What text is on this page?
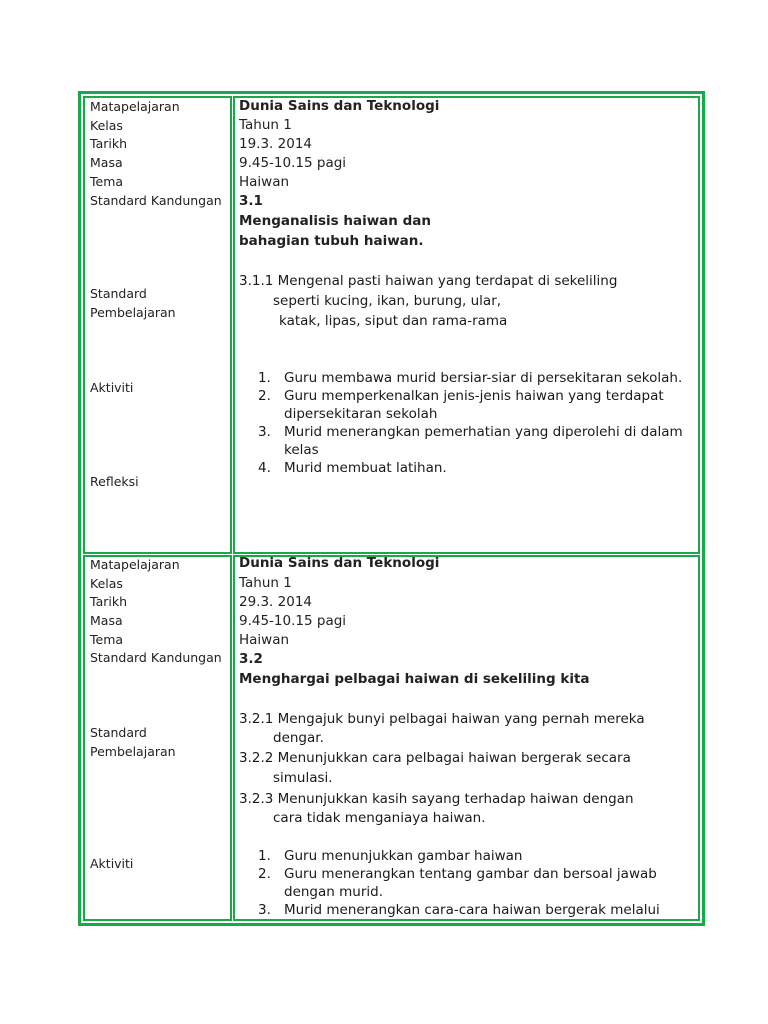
Matapelajaran
Kelas
Tarikh
Masa
Tema
Standard Kandungan
Standard
Pembelajaran
Aktiviti
Refleksi
Dunia Sains dan Teknologi
Tahun 1
19.3. 2014
9.45-10.15 pagi
Haiwan
3.1
Menganalisis haiwan dan
bahagian tubuh haiwan.
3.1.1 Mengenal pasti haiwan yang terdapat di sekeliling
seperti kucing, ikan, burung, ular,
katak, lipas, siput dan rama-rama
1. Guru membawa murid bersiar-siar di persekitaran sekolah.
2. Guru memperkenalkan jenis-jenis haiwan yang terdapat
dipersekitaran sekolah
3. Murid menerangkan pemerhatian yang diperolehi di dalam
kelas
4. Murid membuat latihan.
Matapelajaran
Kelas
Tarikh
Masa
Tema
Standard Kandungan
Standard
Pembelajaran
Aktiviti
Dunia Sains dan Teknologi
Tahun 1
29.3. 2014
9.45-10.15 pagi
Haiwan
3.2
Menghargai pelbagai haiwan di sekeliling kita
3.2.1 Mengajuk bunyi pelbagai haiwan yang pernah mereka
dengar.
3.2.2 Menunjukkan cara pelbagai haiwan bergerak secara
simulasi.
3.2.3 Menunjukkan kasih sayang terhadap haiwan dengan
cara tidak menganiaya haiwan.
1. Guru menunjukkan gambar haiwan
2. Guru menerangkan tentang gambar dan bersoal jawab
dengan murid.
3. Murid menerangkan cara-cara haiwan bergerak melalui
